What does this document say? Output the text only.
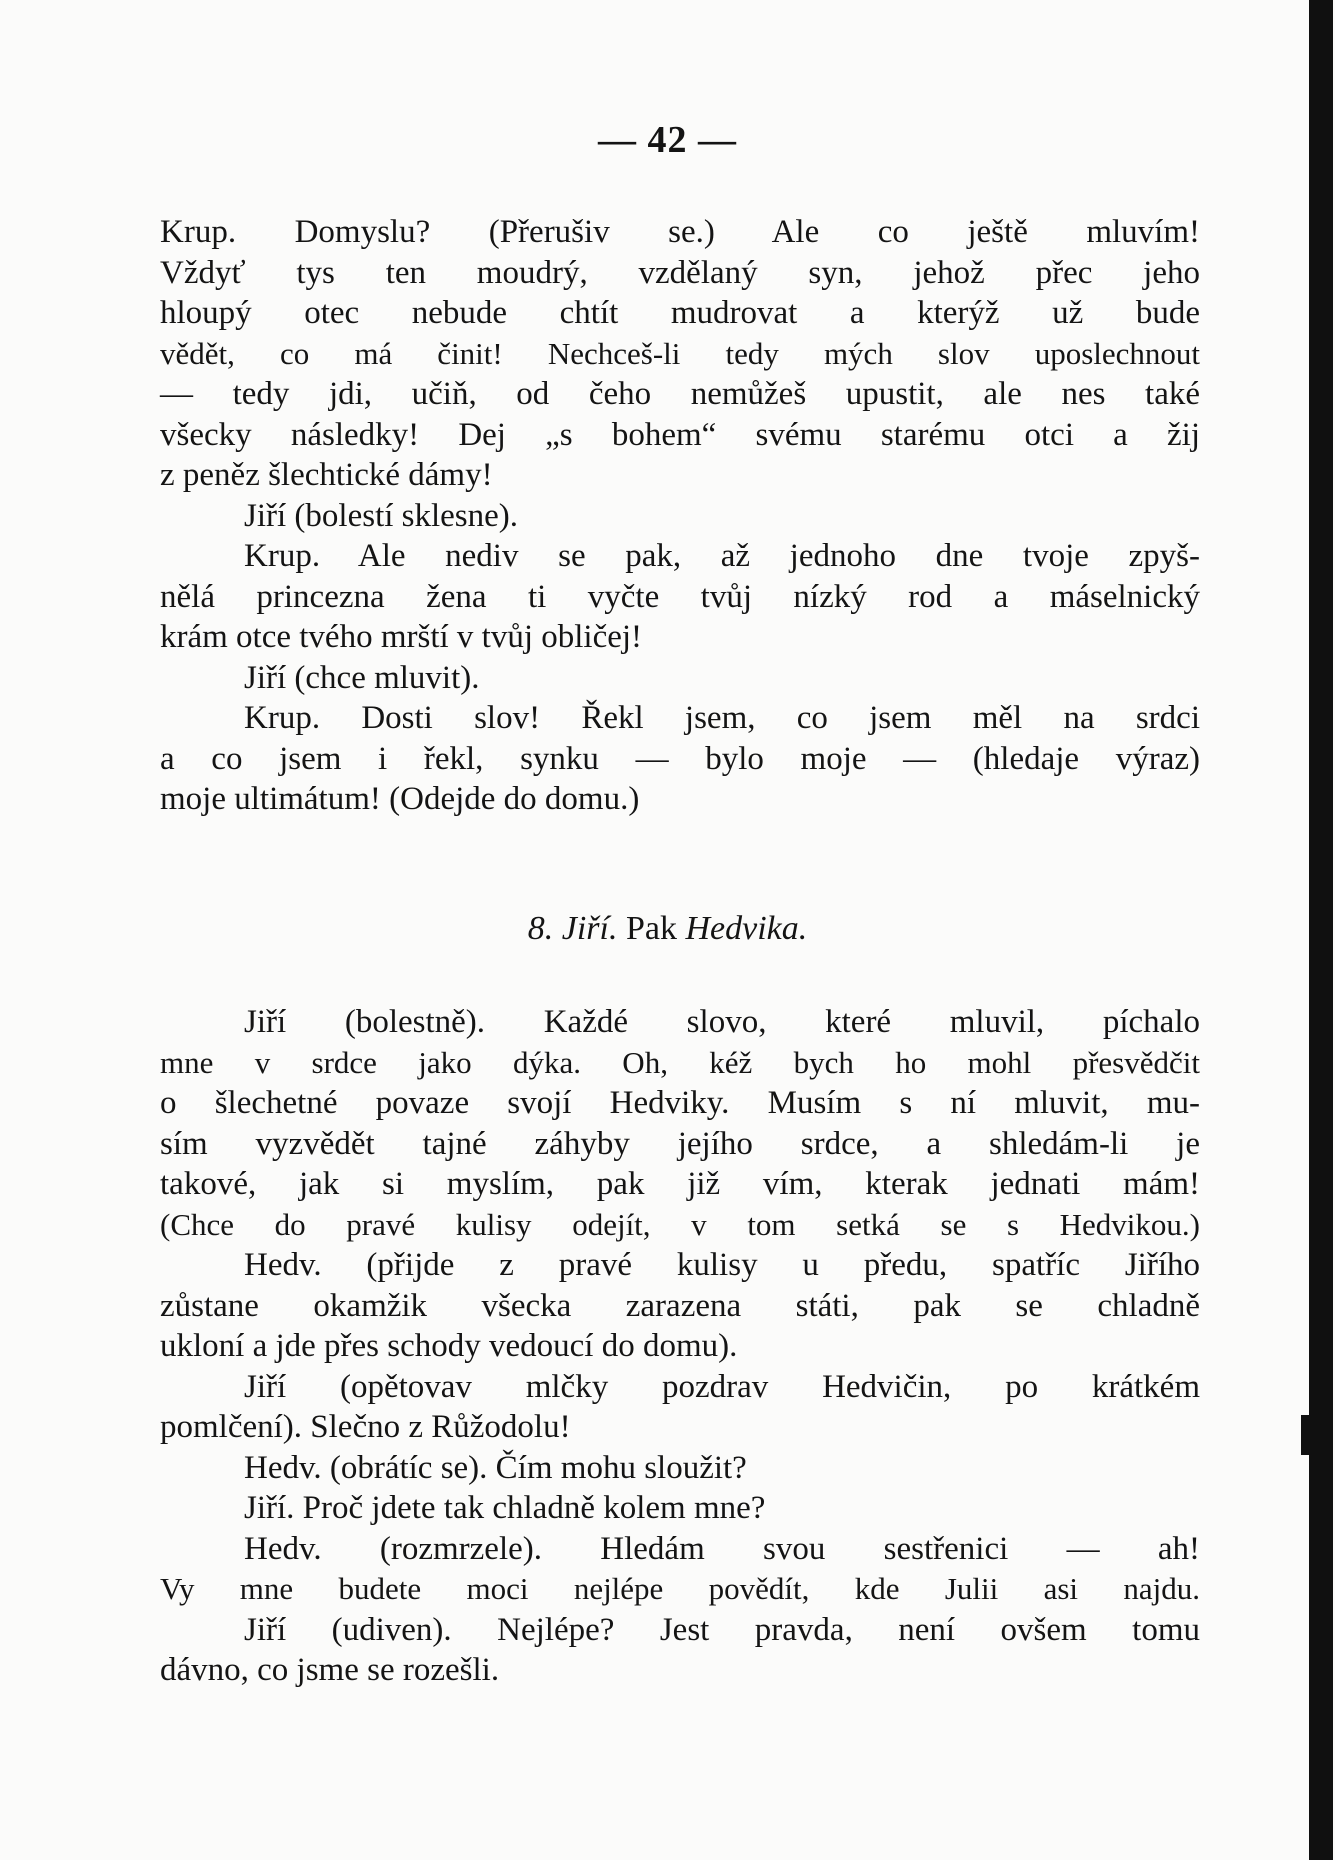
— 42 —
Krup. Domyslu? (Přerušiv se.) Ale co ještě mluvím!
Vždyť tys ten moudrý, vzdělaný syn, jehož přec jeho
hloupý otec nebude chtít mudrovat a kterýž už bude
vědět, co má činit! Nechceš-li tedy mých slov uposlechnout
— tedy jdi, učiň, od čeho nemůžeš upustit, ale nes také
všecky následky! Dej „s bohem“ svému starému otci a žij
z peněz šlechtické dámy!
Jiří (bolestí sklesne).
Krup. Ale nediv se pak, až jednoho dne tvoje zpyš-
nělá princezna žena ti vyčte tvůj nízký rod a máselnický
krám otce tvého mrští v tvůj obličej!
Jiří (chce mluvit).
Krup. Dosti slov! Řekl jsem, co jsem měl na srdci
a co jsem i řekl, synku — bylo moje — (hledaje výraz)
moje ultimátum! (Odejde do domu.)
8. Jiří. Pak Hedvika.
Jiří (bolestně). Každé slovo, které mluvil, píchalo
mne v srdce jako dýka. Oh, kéž bych ho mohl přesvědčit
o šlechetné povaze svojí Hedviky. Musím s ní mluvit, mu-
sím vyzvědět tajné záhyby jejího srdce, a shledám-li je
takové, jak si myslím, pak již vím, kterak jednati mám!
(Chce do pravé kulisy odejít, v tom setká se s Hedvikou.)
Hedv. (přijde z pravé kulisy u předu, spatříc Jiřího
zůstane okamžik všecka zarazena státi, pak se chladně
ukloní a jde přes schody vedoucí do domu).
Jiří (opětovav mlčky pozdrav Hedvičin, po krátkém
pomlčení). Slečno z Růžodolu!
Hedv. (obrátíc se). Čím mohu sloužit?
Jiří. Proč jdete tak chladně kolem mne?
Hedv. (rozmrzele). Hledám svou sestřenici — ah!
Vy mne budete moci nejlépe povědít, kde Julii asi najdu.
Jiří (udiven). Nejlépe? Jest pravda, není ovšem tomu
dávno, co jsme se rozešli.
